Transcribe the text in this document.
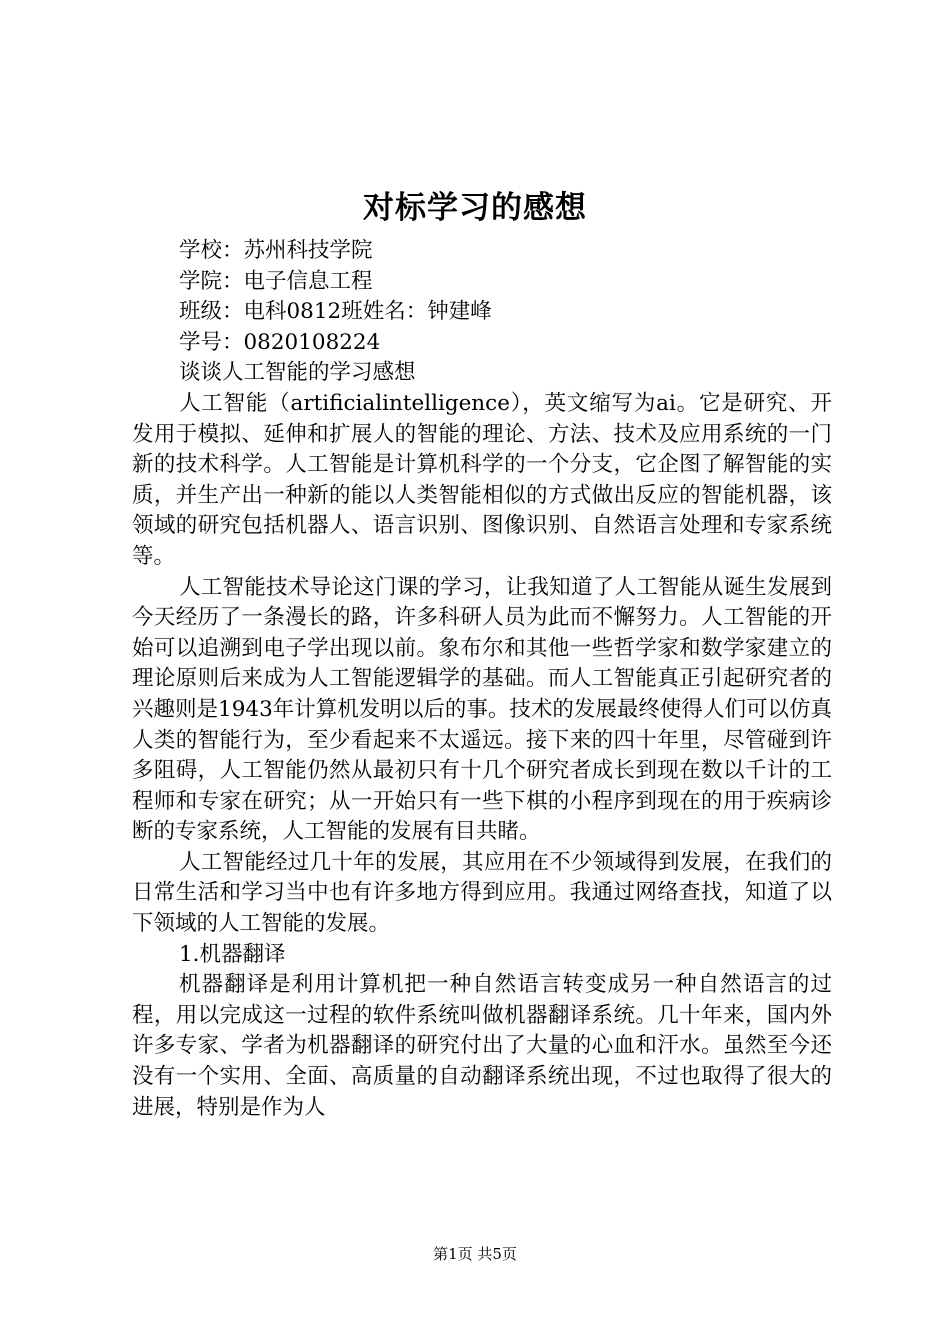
对标学习的感想
学校：苏州科技学院
学院：电子信息工程
班级：电科0812班姓名：钟建峰
学号：0820108224
谈谈人工智能的学习感想

人工智能（artificialintelligence），英文缩写为ai。它是研究、开发用于模拟、延伸和扩展人的智能的理论、方法、技术及应用系统的一门新的技术科学。人工智能是计算机科学的一个分支，它企图了解智能的实质，并生产出一种新的能以人类智能相似的方式做出反应的智能机器，该领域的研究包括机器人、语言识别、图像识别、自然语言处理和专家系统等。

人工智能技术导论这门课的学习，让我知道了人工智能从诞生发展到今天经历了一条漫长的路，许多科研人员为此而不懈努力。人工智能的开始可以追溯到电子学出现以前。象布尔和其他一些哲学家和数学家建立的理论原则后来成为人工智能逻辑学的基础。而人工智能真正引起研究者的兴趣则是1943年计算机发明以后的事。技术的发展最终使得人们可以仿真人类的智能行为，至少看起来不太遥远。接下来的四十年里，尽管碰到许多阻碍，人工智能仍然从最初只有十几个研究者成长到现在数以千计的工程师和专家在研究；从一开始只有一些下棋的小程序到现在的用于疾病诊断的专家系统，人工智能的发展有目共睹。

人工智能经过几十年的发展，其应用在不少领域得到发展，在我们的日常生活和学习当中也有许多地方得到应用。我通过网络查找，知道了以下领域的人工智能的发展。

1.机器翻译

机器翻译是利用计算机把一种自然语言转变成另一种自然语言的过程，用以完成这一过程的软件系统叫做机器翻译系统。几十年来，国内外许多专家、学者为机器翻译的研究付出了大量的心血和汗水。虽然至今还没有一个实用、全面、高质量的自动翻译系统出现，不过也取得了很大的进展，特别是作为人

第1页 共5页
